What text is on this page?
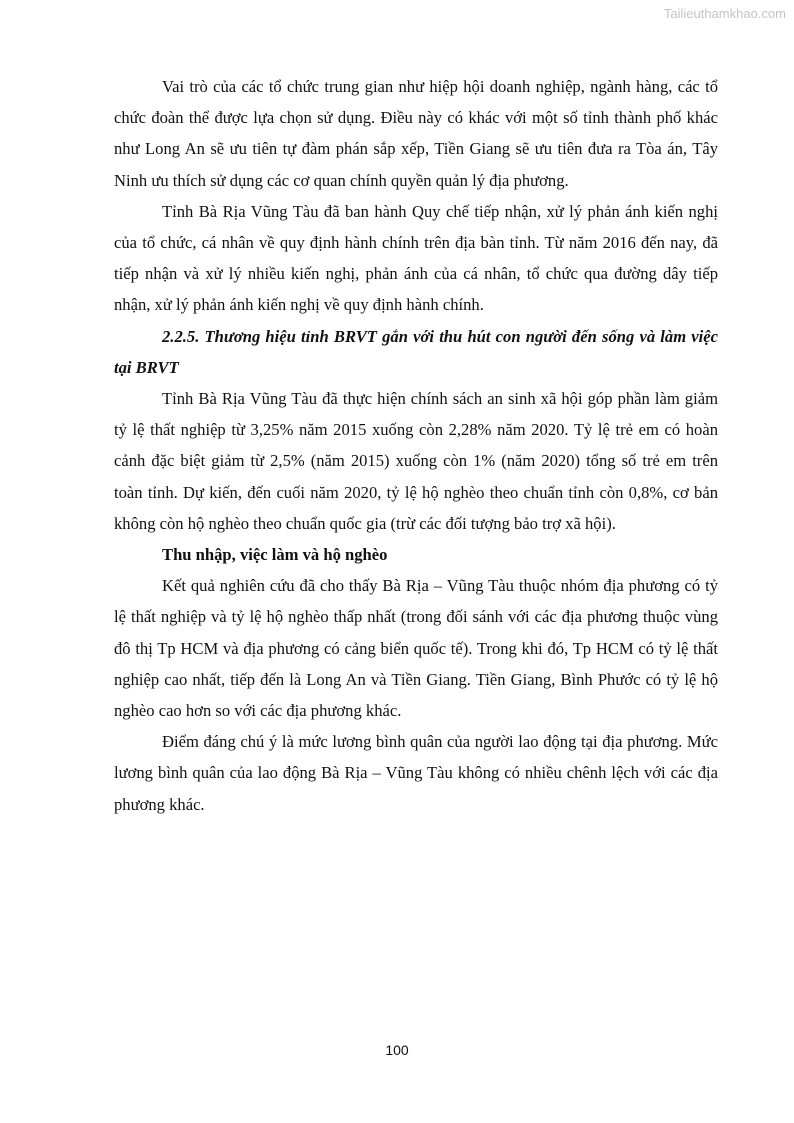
Tailieuthamkhao.com

Vai trò của các tổ chức trung gian như hiệp hội doanh nghiệp, ngành hàng, các tổ chức đoàn thể được lựa chọn sử dụng. Điều này có khác với một số tỉnh thành phố khác như Long An sẽ ưu tiên tự đàm phán sắp xếp, Tiền Giang sẽ ưu tiên đưa ra Tòa án, Tây Ninh ưu thích sử dụng các cơ quan chính quyền quản lý địa phương.

Tỉnh Bà Rịa Vũng Tàu đã ban hành Quy chế tiếp nhận, xử lý phản ánh kiến nghị của tổ chức, cá nhân về quy định hành chính trên địa bàn tỉnh. Từ năm 2016 đến nay, đã tiếp nhận và xử lý nhiều kiến nghị, phản ánh của cá nhân, tổ chức qua đường dây tiếp nhận, xử lý phản ánh kiến nghị về quy định hành chính.

2.2.5. Thương hiệu tỉnh BRVT gắn với thu hút con người đến sống và làm việc tại BRVT

Tỉnh Bà Rịa Vũng Tàu đã thực hiện chính sách an sinh xã hội góp phần làm giảm tỷ lệ thất nghiệp từ 3,25% năm 2015 xuống còn 2,28% năm 2020. Tỷ lệ trẻ em có hoàn cảnh đặc biệt giảm từ 2,5% (năm 2015) xuống còn 1% (năm 2020) tổng số trẻ em trên toàn tỉnh. Dự kiến, đến cuối năm 2020, tỷ lệ hộ nghèo theo chuẩn tỉnh còn 0,8%, cơ bản không còn hộ nghèo theo chuẩn quốc gia (trừ các đối tượng bảo trợ xã hội).

Thu nhập, việc làm và hộ nghèo

Kết quả nghiên cứu đã cho thấy Bà Rịa – Vũng Tàu thuộc nhóm địa phương có tỷ lệ thất nghiệp và tỷ lệ hộ nghèo thấp nhất (trong đối sánh với các địa phương thuộc vùng đô thị Tp HCM và địa phương có cảng biển quốc tế). Trong khi đó, Tp HCM có tỷ lệ thất nghiệp cao nhất, tiếp đến là Long An và Tiền Giang. Tiền Giang, Bình Phước có tỷ lệ hộ nghèo cao hơn so với các địa phương khác.

Điểm đáng chú ý là mức lương bình quân của người lao động tại địa phương. Mức lương bình quân của lao động Bà Rịa – Vũng Tàu không có nhiều chênh lệch với các địa phương khác.

100
